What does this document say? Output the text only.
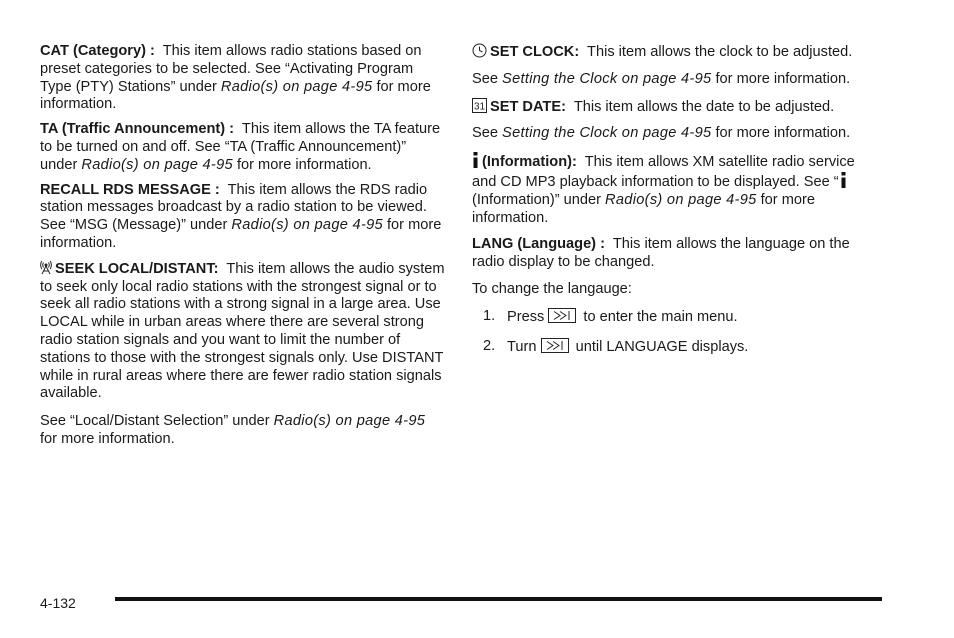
CAT (Category) : This item allows radio stations based on preset categories to be selected. See “Activating Program Type (PTY) Stations” under Radio(s) on page 4-95 for more information.

TA (Traffic Announcement) : This item allows the TA feature to be turned on and off. See “TA (Traffic Announcement)” under Radio(s) on page 4-95 for more information.

RECALL RDS MESSAGE : This item allows the RDS radio station messages broadcast by a radio station to be viewed. See “MSG (Message)” under Radio(s) on page 4-95 for more information.

SEEK LOCAL/DISTANT: This item allows the audio system to seek only local radio stations with the strongest signal or to seek all radio stations with a strong signal in a large area. Use LOCAL while in urban areas where there are several strong radio station signals and you want to limit the number of stations to those with the strongest signals only. Use DISTANT while in rural areas where there are fewer radio station signals available.

See “Local/Distant Selection” under Radio(s) on page 4-95 for more information.

SET CLOCK: This item allows the clock to be adjusted.

See Setting the Clock on page 4-95 for more information.

31 SET DATE: This item allows the date to be adjusted.

See Setting the Clock on page 4-95 for more information.

(Information): This item allows XM satellite radio service and CD MP3 playback information to be displayed. See “ (Information)” under Radio(s) on page 4-95 for more information.

LANG (Language) : This item allows the language on the radio display to be changed.

To change the langauge:

1. Press  to enter the main menu.
2. Turn  until LANGUAGE displays.
4-132
